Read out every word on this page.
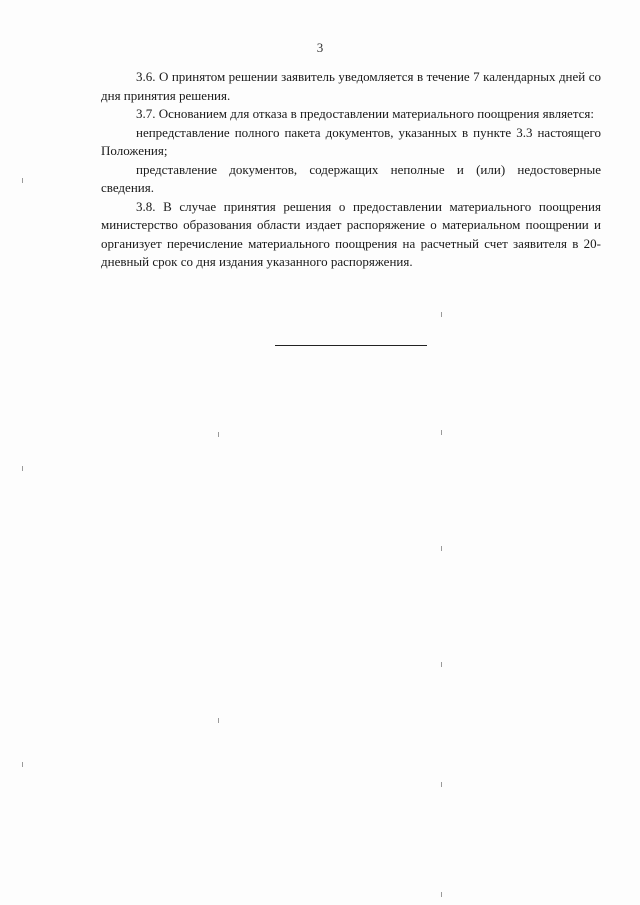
3

3.6. О принятом решении заявитель уведомляется в течение 7 календарных дней со дня принятия решения.

3.7. Основанием для отказа в предоставлении материального поощрения является:

непредставление полного пакета документов, указанных в пункте 3.3 настоящего Положения;

представление документов, содержащих неполные и (или) недостоверные сведения.

3.8. В случае принятия решения о предоставлении материального поощрения министерство образования области издает распоряжение о материальном поощрении и организует перечисление материального поощрения на расчетный счет заявителя в 20-дневный срок со дня издания указанного распоряжения.
